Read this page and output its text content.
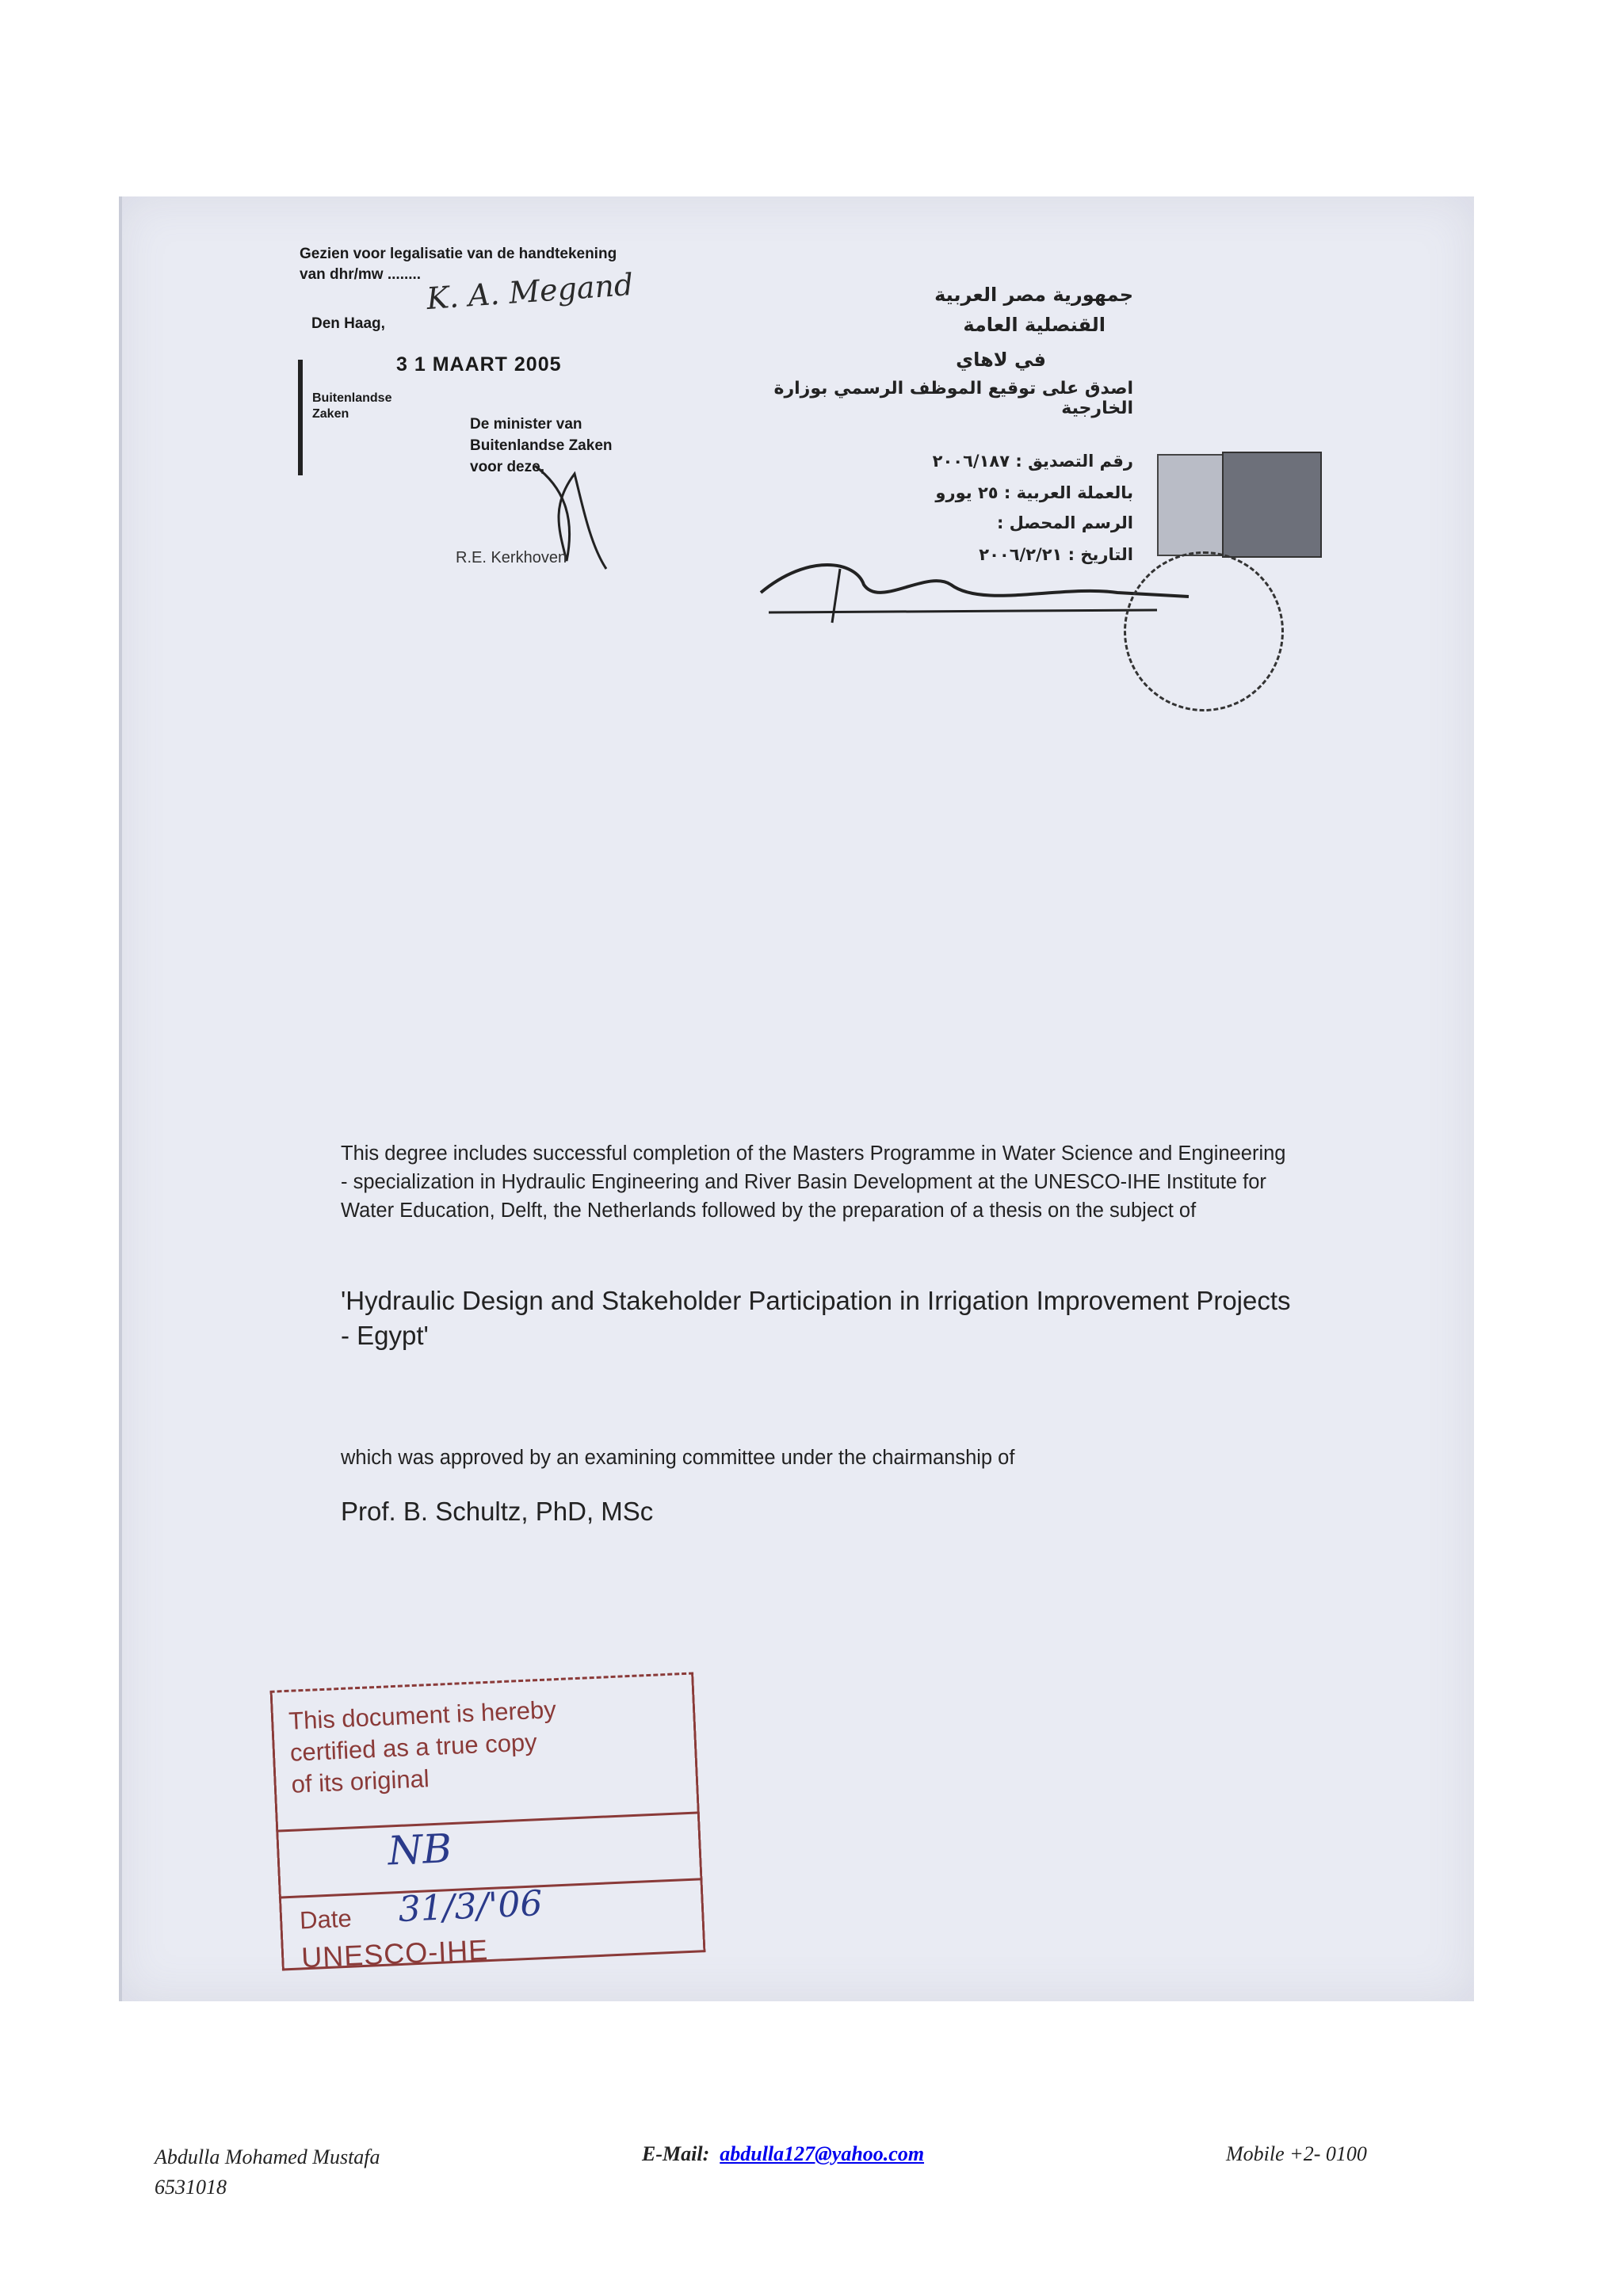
Gezien voor legalisatie van de handtekening
van dhr/mw ........ K. A. Megand
Den Haag,
3 1 MAART 2005
Buitenlandse
Zaken
De minister van
Buitenlandse Zaken
voor deze,
R.E. Kerkhoven
جمهورية مصر العربية
القنصلية العامة
في لاهاي
اصدق على توقيع الموظف الرسمي بوزارة الخارجية
رقم التصديق : ٢٠٠٦/١٨٧
بالعملة العربية : ٢٥ يورو
الرسم المحصل :
التاريخ : ٢٠٠٦/٢/٢١
This degree includes successful completion of the Masters Programme in Water Science and Engineering - specialization in Hydraulic Engineering and River Basin Development at the UNESCO-IHE Institute for Water Education, Delft, the Netherlands followed by the preparation of a thesis on the subject of
'Hydraulic Design and Stakeholder Participation in Irrigation Improvement Projects - Egypt'
which was approved by an examining committee under the chairmanship of
Prof. B. Schultz, PhD, MSc
This document is hereby
certified as a true copy
of its original
NB
Date 31/3/'06
UNESCO-IHE
Abdulla Mohamed Mustafa
6531018
E-Mail: abdulla127@yahoo.com	Mobile +2- 0100
